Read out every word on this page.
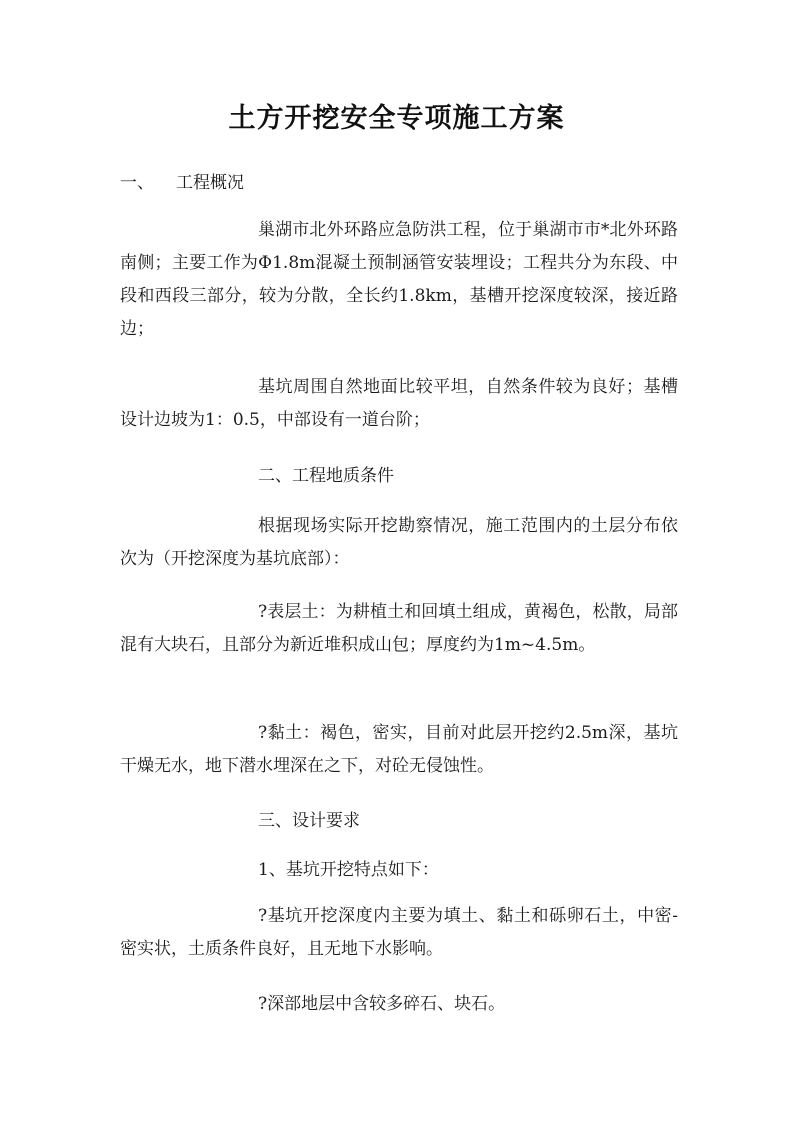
土方开挖安全专项施工方案
一、 工程概况
巢湖市北外环路应急防洪工程，位于巢湖市市*北外环路南侧；主要工作为Φ1.8m混凝土预制涵管安装埋设；工程共分为东段、中段和西段三部分，较为分散，全长约1.8km，基槽开挖深度较深，接近路边；
基坑周围自然地面比较平坦，自然条件较为良好；基槽设计边坡为1：0.5，中部设有一道台阶；
二、工程地质条件
根据现场实际开挖勘察情况，施工范围内的土层分布依次为（开挖深度为基坑底部）：
?表层土：为耕植土和回填土组成，黄褐色，松散，局部混有大块石，且部分为新近堆积成山包；厚度约为1m~4.5m。
?黏土：褐色，密实，目前对此层开挖约2.5m深，基坑干燥无水，地下潜水埋深在之下，对砼无侵蚀性。
三、设计要求
1、基坑开挖特点如下：
?基坑开挖深度内主要为填土、黏土和砾卵石土，中密-密实状，土质条件良好，且无地下水影响。
?深部地层中含较多碎石、块石。
